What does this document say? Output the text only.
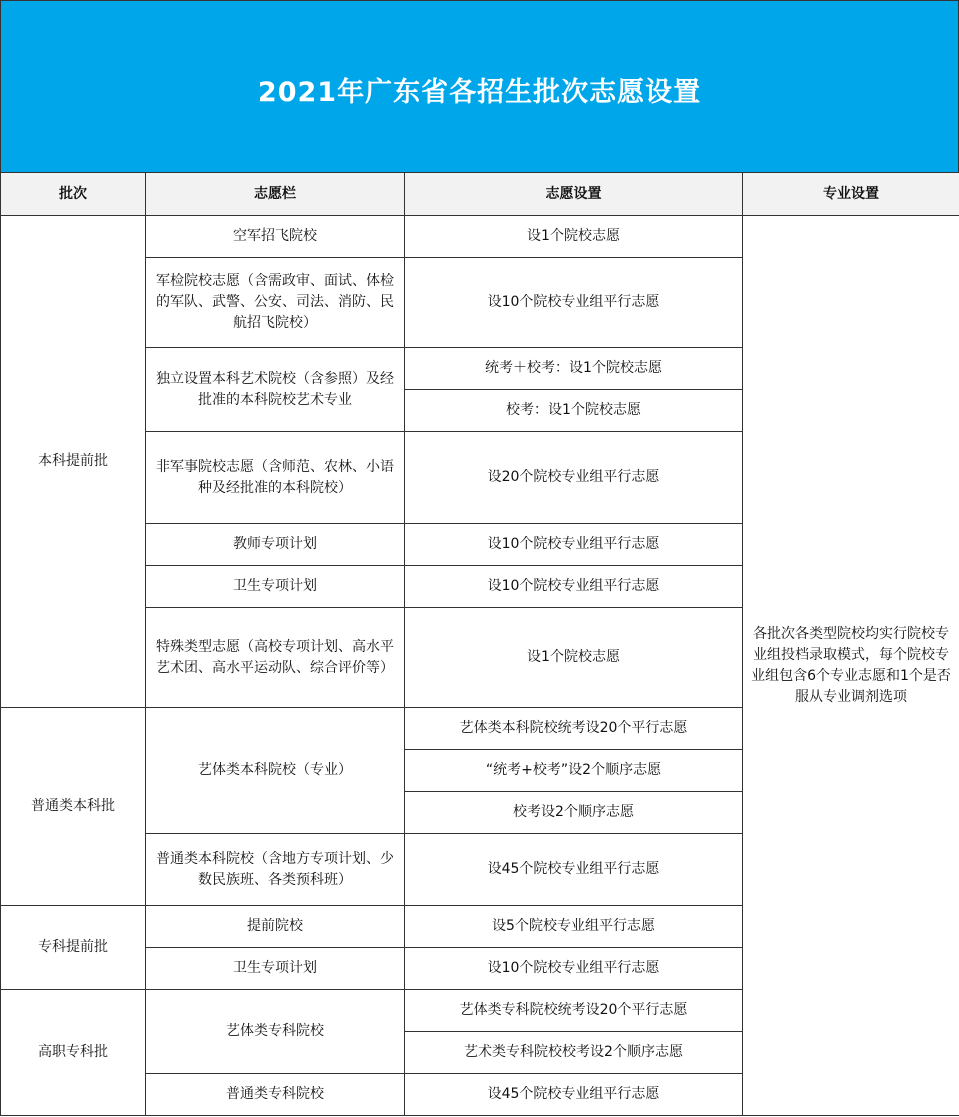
2021年广东省各招生批次志愿设置
批次	志愿栏	志愿设置	专业设置
本科提前批	空军招飞院校	设1个院校志愿	各批次各类型院校均实行院校专业组投档录取模式，每个院校专业组包含6个专业志愿和1个是否服从专业调剂选项
	军检院校志愿（含需政审、面试、体检的军队、武警、公安、司法、消防、民航招飞院校）	设10个院校专业组平行志愿	
	独立设置本科艺术院校（含参照）及经批准的本科院校艺术专业	统考＋校考：设1个院校志愿	
		校考：设1个院校志愿	
	非军事院校志愿（含师范、农林、小语种及经批准的本科院校）	设20个院校专业组平行志愿	
	教师专项计划	设10个院校专业组平行志愿	
	卫生专项计划	设10个院校专业组平行志愿	
	特殊类型志愿（高校专项计划、高水平艺术团、高水平运动队、综合评价等）	设1个院校志愿	
普通类本科批	艺体类本科院校（专业）	艺体类本科院校统考设20个平行志愿	
		“统考+校考”设2个顺序志愿	
		校考设2个顺序志愿	
	普通类本科院校（含地方专项计划、少数民族班、各类预科班）	设45个院校专业组平行志愿	
专科提前批	提前院校	设5个院校专业组平行志愿	
	卫生专项计划	设10个院校专业组平行志愿	
高职专科批	艺体类专科院校	艺体类专科院校统考设20个平行志愿	
		艺术类专科院校校考设2个顺序志愿	
	普通类专科院校	设45个院校专业组平行志愿	
